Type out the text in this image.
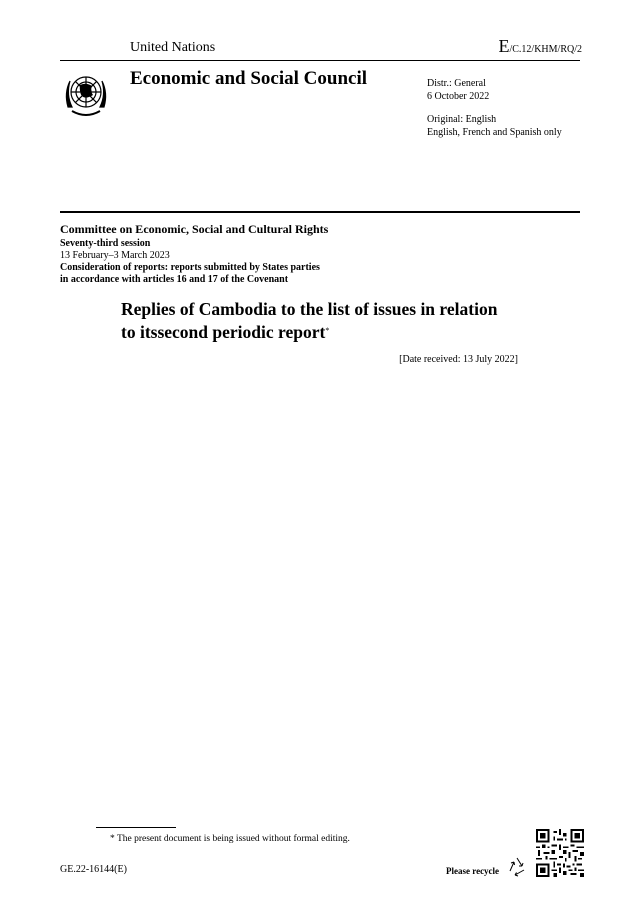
United Nations	E/C.12/KHM/RQ/2
Economic and Social Council	Distr.: General
6 October 2022
Original: English
English, French and Spanish only
Committee on Economic, Social and Cultural Rights
Seventy-third session
13 February–3 March 2023
Consideration of reports: reports submitted by States parties
in accordance with articles 16 and 17 of the Covenant
Replies of Cambodia to the list of issues in relation
to itssecond periodic report*
[Date received: 13 July 2022]
* The present document is being issued without formal editing.
GE.22-16144(E)	Please recycle
